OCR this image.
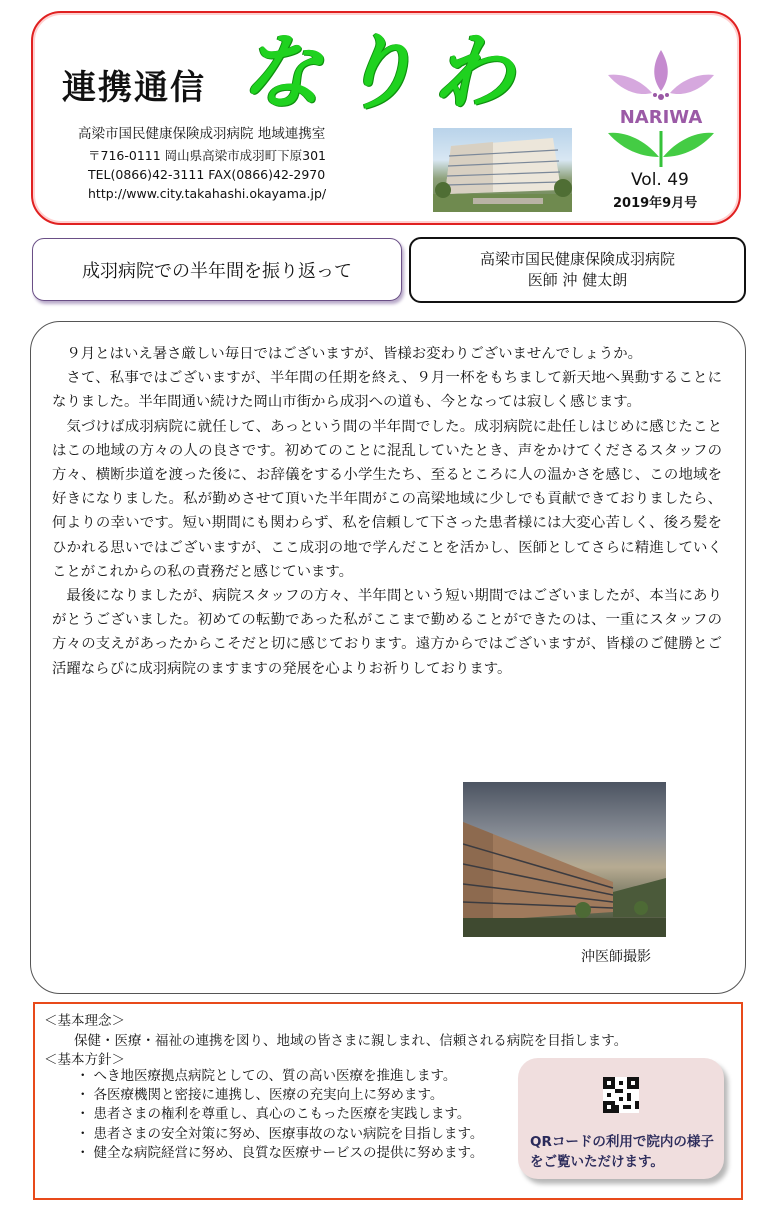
連携通信 なりわ
高梁市国民健康保険成羽病院 地域連携室
〒716-0111 岡山県高梁市成羽町下原301
TEL(0866)42-3111 FAX(0866)42-2970
http://www.city.takahashi.okayama.jp/
NARIWA
Vol. 49
2019年9月号
成羽病院での半年間を振り返って
高梁市国民健康保険成羽病院
医師 沖 健太朗

９月とはいえ暑さ厳しい毎日ではございますが、皆様お変わりございませんでしょうか。

さて、私事ではございますが、半年間の任期を終え、９月一杯をもちまして新天地へ異動することになりました。半年間通い続けた岡山市街から成羽への道も、今となっては寂しく感じます。

気づけば成羽病院に就任して、あっという間の半年間でした。成羽病院に赴任しはじめに感じたことはこの地域の方々の人の良さです。初めてのことに混乱していたとき、声をかけてくださるスタッフの方々、横断歩道を渡った後に、お辞儀をする小学生たち、至るところに人の温かさを感じ、この地域を好きになりました。私が勤めさせて頂いた半年間がこの高梁地域に少しでも貢献できておりましたら、何よりの幸いです。短い期間にも関わらず、私を信頼して下さった患者様には大変心苦しく、後ろ髪をひかれる思いではございますが、ここ成羽の地で学んだことを活かし、医師としてさらに精進していくことがこれからの私の責務だと感じています。

最後になりましたが、病院スタッフの方々、半年間という短い期間ではございましたが、本当にありがとうございました。初めての転勤であった私がここまで勤めることができたのは、一重にスタッフの方々の支えがあったからこそだと切に感じております。遠方からではございますが、皆様のご健勝とご活躍ならびに成羽病院のますますの発展を心よりお祈りしております。

沖医師撮影
＜基本理念＞
保健・医療・福祉の連携を図り、地域の皆さまに親しまれ、信頼される病院を目指します。
＜基本方針＞
・ へき地医療拠点病院としての、質の高い医療を推進します。
・ 各医療機関と密接に連携し、医療の充実向上に努めます。
・ 患者さまの権利を尊重し、真心のこもった医療を実践します。
・ 患者さまの安全対策に努め、医療事故のない病院を目指します。
・ 健全な病院経営に努め、良質な医療サービスの提供に努めます。
QRコードの利用で院内の様子をご覧いただけます。
